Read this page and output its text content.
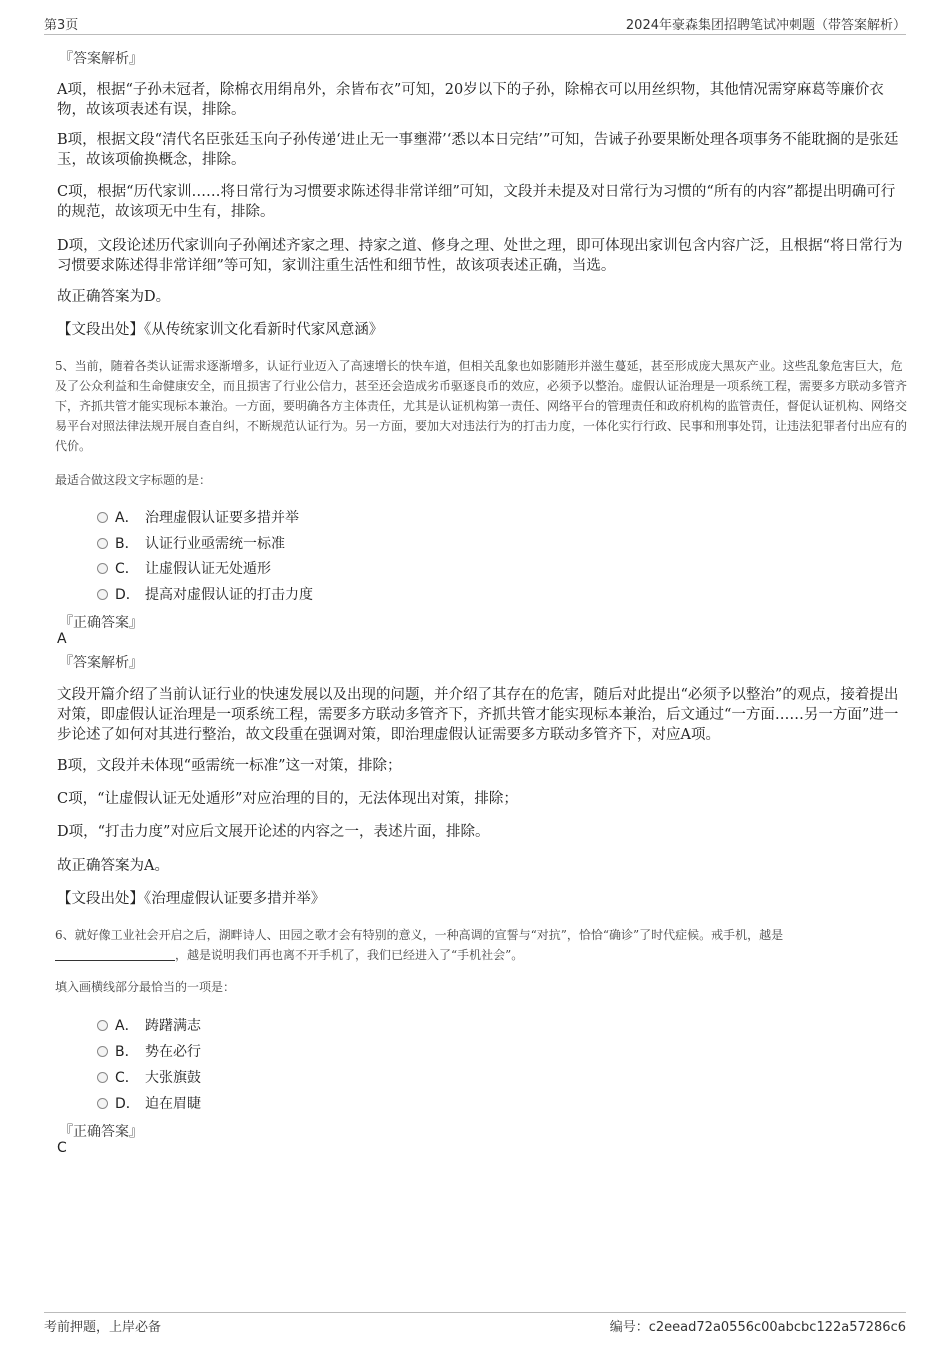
第3页	2024年豪森集团招聘笔试冲刺题（带答案解析）
『答案解析』

A项，根据“子孙未冠者，除棉衣用绢帛外，余皆布衣”可知，20岁以下的子孙，除棉衣可以用丝织物，其他情况需穿麻葛等廉价衣物，故该项表述有误，排除。

B项，根据文段“清代名臣张廷玉向子孙传递‘进止无一事壅滞’‘悉以本日完结’”可知，告诫子孙要果断处理各项事务不能耽搁的是张廷玉，故该项偷换概念，排除。

C项，根据“历代家训……将日常行为习惯要求陈述得非常详细”可知，文段并未提及对日常行为习惯的“所有的内容”都提出明确可行的规范，故该项无中生有，排除。

D项，文段论述历代家训向子孙阐述齐家之理、持家之道、修身之理、处世之理，即可体现出家训包含内容广泛，且根据“将日常行为习惯要求陈述得非常详细”等可知，家训注重生活性和细节性，故该项表述正确，当选。

故正确答案为D。

【文段出处】《从传统家训文化看新时代家风意涵》

5、当前，随着各类认证需求逐渐增多，认证行业迈入了高速增长的快车道，但相关乱象也如影随形并滋生蔓延，甚至形成庞大黑灰产业。这些乱象危害巨大，危及了公众利益和生命健康安全，而且损害了行业公信力，甚至还会造成劣币驱逐良币的效应，必须予以整治。虚假认证治理是一项系统工程，需要多方联动多管齐下，齐抓共管才能实现标本兼治。一方面，要明确各方主体责任，尤其是认证机构第一责任、网络平台的管理责任和政府机构的监管责任，督促认证机构、网络交易平台对照法律法规开展自查自纠，不断规范认证行为。另一方面，要加大对违法行为的打击力度，一体化实行行政、民事和刑事处罚，让违法犯罪者付出应有的代价。

最适合做这段文字标题的是：

A． 治理虚假认证要多措并举
B． 认证行业亟需统一标准
C． 让虚假认证无处遁形
D． 提高对虚假认证的打击力度
『正确答案』
A
『答案解析』

文段开篇介绍了当前认证行业的快速发展以及出现的问题，并介绍了其存在的危害，随后对此提出“必须予以整治”的观点，接着提出对策，即虚假认证治理是一项系统工程，需要多方联动多管齐下，齐抓共管才能实现标本兼治，后文通过“一方面……另一方面”进一步论述了如何对其进行整治，故文段重在强调对策，即治理虚假认证需要多方联动多管齐下，对应A项。

B项，文段并未体现“亟需统一标准”这一对策，排除；

C项，“让虚假认证无处遁形”对应治理的目的，无法体现出对策，排除；

D项，“打击力度”对应后文展开论述的内容之一，表述片面，排除。

故正确答案为A。

【文段出处】《治理虚假认证要多措并举》

6、就好像工业社会开启之后，湖畔诗人、田园之歌才会有特别的意义，一种高调的宣誓与“对抗”，恰恰“确诊”了时代症候。戒手机，越是
，越是说明我们再也离不开手机了，我们已经进入了“手机社会”。

填入画横线部分最恰当的一项是：

A． 踌躇满志
B． 势在必行
C． 大张旗鼓
D． 迫在眉睫
『正确答案』
C
考前押题，上岸必备	编号：c2eead72a0556c00abcbc122a57286c6
